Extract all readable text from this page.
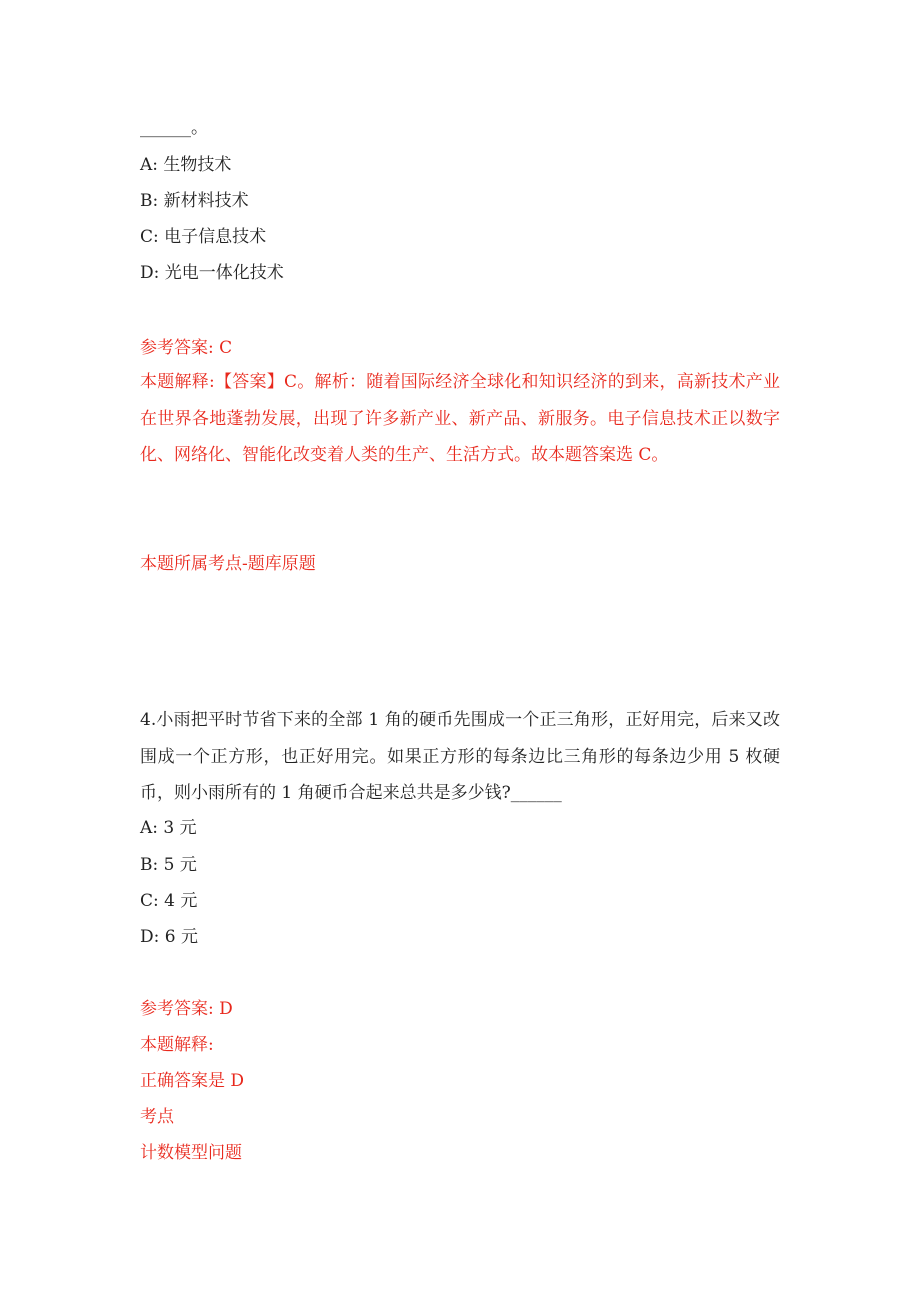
______。
A: 生物技术
B: 新材料技术
C: 电子信息技术
D: 光电一体化技术
参考答案: C
本题解释:【答案】C。解析：随着国际经济全球化和知识经济的到来，高新技术产业在世界各地蓬勃发展，出现了许多新产业、新产品、新服务。电子信息技术正以数字化、网络化、智能化改变着人类的生产、生活方式。故本题答案选 C。
本题所属考点-题库原题
4.小雨把平时节省下来的全部 1 角的硬币先围成一个正三角形，正好用完，后来又改围成一个正方形，也正好用完。如果正方形的每条边比三角形的每条边少用 5 枚硬币，则小雨所有的 1 角硬币合起来总共是多少钱?______
A: 3 元
B: 5 元
C: 4 元
D: 6 元
参考答案: D
本题解释:
正确答案是 D
考点
计数模型问题
